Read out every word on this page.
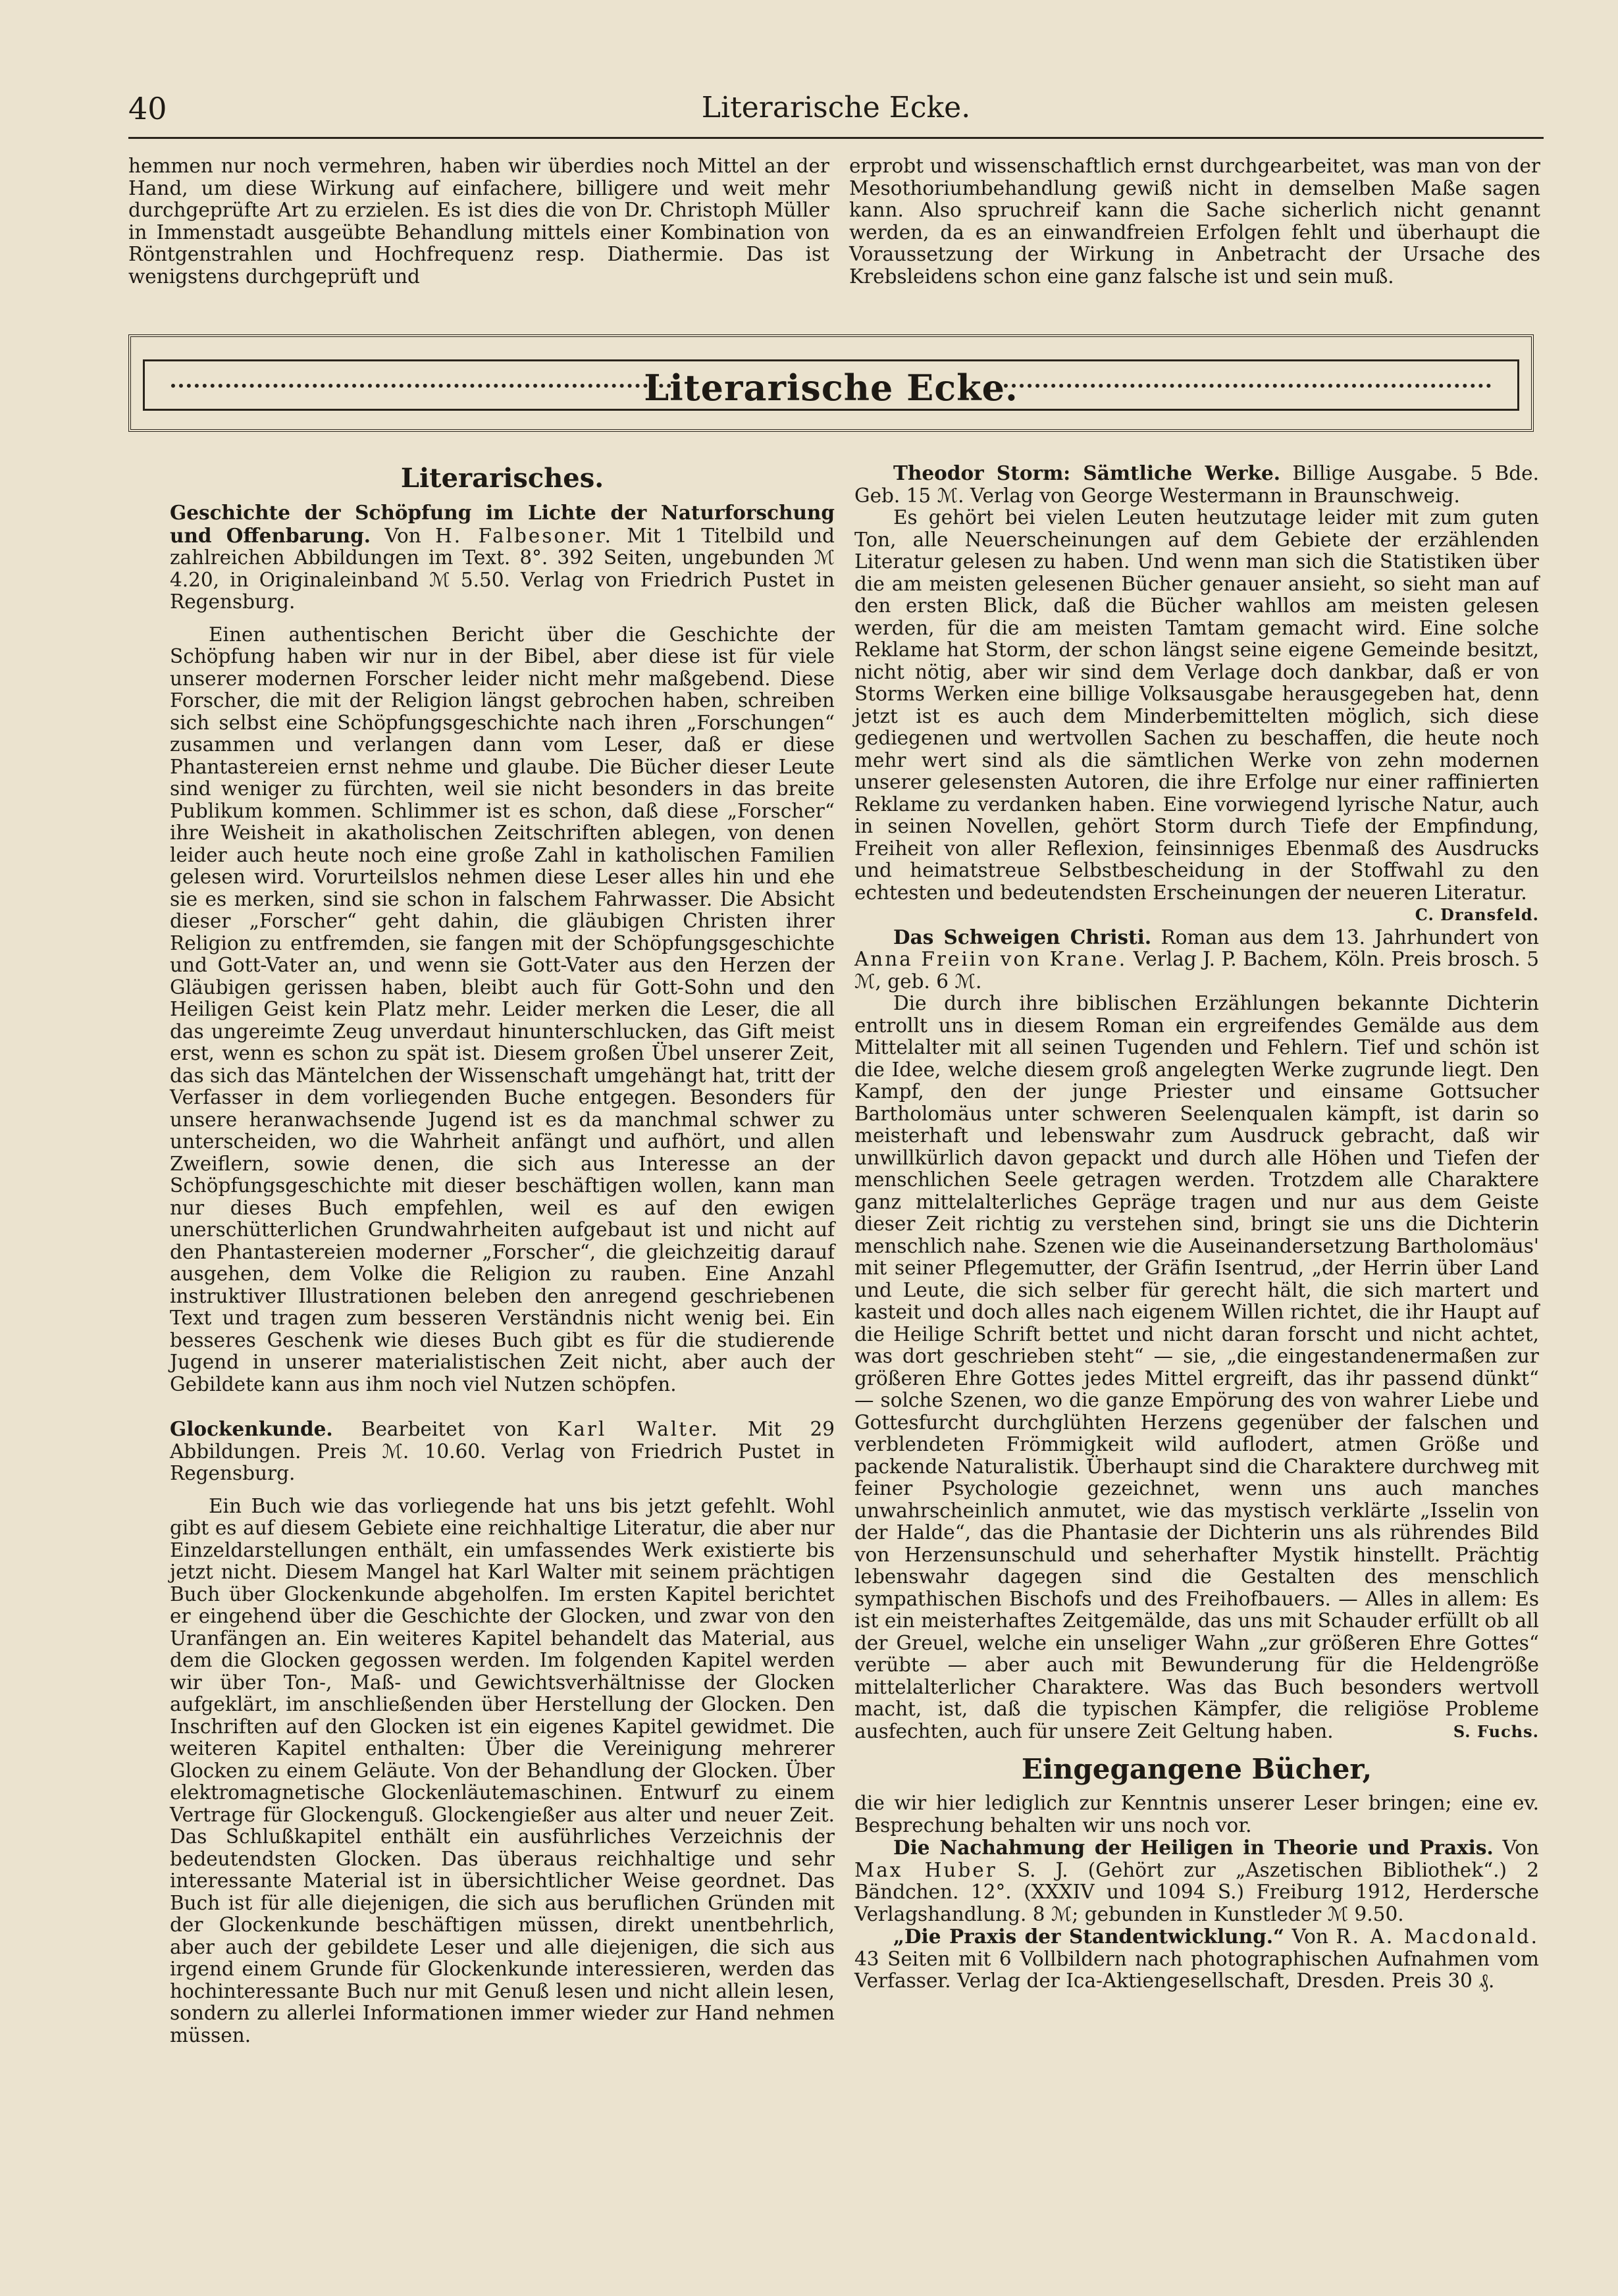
40	Literarische Ecke.

hemmen nur noch vermehren, haben wir überdies noch Mittel an der Hand, um diese Wirkung auf einfachere, billigere und weit mehr durchgeprüfte Art zu erzielen. Es ist dies die von Dr. Christoph Müller in Immenstadt ausgeübte Behandlung mittels einer Kombination von Röntgenstrahlen und Hochfrequenz resp. Diathermie. Das ist wenigstens durchgeprüft und

erprobt und wissenschaftlich ernst durchgearbeitet, was man von der Mesothoriumbehandlung gewiß nicht in demselben Maße sagen kann. Also spruchreif kann die Sache sicherlich nicht genannt werden, da es an einwandfreien Erfolgen fehlt und überhaupt die Voraussetzung der Wirkung in Anbetracht der Ursache des Krebsleidens schon eine ganz falsche ist und sein muß.

Literarische Ecke.
Literarisches.

Geschichte der Schöpfung im Lichte der Naturforschung und Offenbarung. Von H. Falbesoner. Mit 1 Titelbild und zahlreichen Abbildungen im Text. 8°. 392 Seiten, ungebunden ℳ 4.20, in Originaleinband ℳ 5.50. Verlag von Friedrich Pustet in Regensburg.

Einen authentischen Bericht über die Geschichte der Schöpfung haben wir nur in der Bibel, aber diese ist für viele unserer modernen Forscher leider nicht mehr maßgebend. Diese Forscher, die mit der Religion längst gebrochen haben, schreiben sich selbst eine Schöpfungsgeschichte nach ihren „Forschungen“ zusammen und verlangen dann vom Leser, daß er diese Phantastereien ernst nehme und glaube. Die Bücher dieser Leute sind weniger zu fürchten, weil sie nicht besonders in das breite Publikum kommen. Schlimmer ist es schon, daß diese „Forscher“ ihre Weisheit in akatholischen Zeitschriften ablegen, von denen leider auch heute noch eine große Zahl in katholischen Familien gelesen wird. Vorurteilslos nehmen diese Leser alles hin und ehe sie es merken, sind sie schon in falschem Fahrwasser. Die Absicht dieser „Forscher“ geht dahin, die gläubigen Christen ihrer Religion zu entfremden, sie fangen mit der Schöpfungsgeschichte und Gott-Vater an, und wenn sie Gott-Vater aus den Herzen der Gläubigen gerissen haben, bleibt auch für Gott-Sohn und den Heiligen Geist kein Platz mehr. Leider merken die Leser, die all das ungereimte Zeug unverdaut hinunterschlucken, das Gift meist erst, wenn es schon zu spät ist. Diesem großen Übel unserer Zeit, das sich das Mäntelchen der Wissenschaft umgehängt hat, tritt der Verfasser in dem vorliegenden Buche entgegen. Besonders für unsere heranwachsende Jugend ist es da manchmal schwer zu unterscheiden, wo die Wahrheit anfängt und aufhört, und allen Zweiflern, sowie denen, die sich aus Interesse an der Schöpfungsgeschichte mit dieser beschäftigen wollen, kann man nur dieses Buch empfehlen, weil es auf den ewigen unerschütterlichen Grundwahrheiten aufgebaut ist und nicht auf den Phantastereien moderner „Forscher“, die gleichzeitig darauf ausgehen, dem Volke die Religion zu rauben. Eine Anzahl instruktiver Illustrationen beleben den anregend geschriebenen Text und tragen zum besseren Verständnis nicht wenig bei. Ein besseres Geschenk wie dieses Buch gibt es für die studierende Jugend in unserer materialistischen Zeit nicht, aber auch der Gebildete kann aus ihm noch viel Nutzen schöpfen.

Glockenkunde. Bearbeitet von Karl Walter. Mit 29 Abbildungen. Preis ℳ. 10.60. Verlag von Friedrich Pustet in Regensburg.

Ein Buch wie das vorliegende hat uns bis jetzt gefehlt. Wohl gibt es auf diesem Gebiete eine reichhaltige Literatur, die aber nur Einzeldarstellungen enthält, ein umfassendes Werk existierte bis jetzt nicht. Diesem Mangel hat Karl Walter mit seinem prächtigen Buch über Glockenkunde abgeholfen. Im ersten Kapitel berichtet er eingehend über die Geschichte der Glocken, und zwar von den Uranfängen an. Ein weiteres Kapitel behandelt das Material, aus dem die Glocken gegossen werden. Im folgenden Kapitel werden wir über Ton-, Maß- und Gewichtsverhältnisse der Glocken aufgeklärt, im anschließenden über Herstellung der Glocken. Den Inschriften auf den Glocken ist ein eigenes Kapitel gewidmet. Die weiteren Kapitel enthalten: Über die Vereinigung mehrerer Glocken zu einem Geläute. Von der Behandlung der Glocken. Über elektromagnetische Glockenläutemaschinen. Entwurf zu einem Vertrage für Glockenguß. Glockengießer aus alter und neuer Zeit. Das Schlußkapitel enthält ein ausführliches Verzeichnis der bedeutendsten Glocken. Das überaus reichhaltige und sehr interessante Material ist in übersichtlicher Weise geordnet. Das Buch ist für alle diejenigen, die sich aus beruflichen Gründen mit der Glockenkunde beschäftigen müssen, direkt unentbehrlich, aber auch der gebildete Leser und alle diejenigen, die sich aus irgend einem Grunde für Glockenkunde interessieren, werden das hochinteressante Buch nur mit Genuß lesen und nicht allein lesen, sondern zu allerlei Informationen immer wieder zur Hand nehmen müssen.

Theodor Storm: Sämtliche Werke. Billige Ausgabe. 5 Bde. Geb. 15 ℳ. Verlag von George Westermann in Braunschweig.

Es gehört bei vielen Leuten heutzutage leider mit zum guten Ton, alle Neuerscheinungen auf dem Gebiete der erzählenden Literatur gelesen zu haben. Und wenn man sich die Statistiken über die am meisten gelesenen Bücher genauer ansieht, so sieht man auf den ersten Blick, daß die Bücher wahllos am meisten gelesen werden, für die am meisten Tamtam gemacht wird. Eine solche Reklame hat Storm, der schon längst seine eigene Gemeinde besitzt, nicht nötig, aber wir sind dem Verlage doch dankbar, daß er von Storms Werken eine billige Volksausgabe herausgegeben hat, denn jetzt ist es auch dem Minderbemittelten möglich, sich diese gediegenen und wertvollen Sachen zu beschaffen, die heute noch mehr wert sind als die sämtlichen Werke von zehn modernen unserer gelesensten Autoren, die ihre Erfolge nur einer raffinierten Reklame zu verdanken haben. Eine vorwiegend lyrische Natur, auch in seinen Novellen, gehört Storm durch Tiefe der Empfindung, Freiheit von aller Reflexion, feinsinniges Ebenmaß des Ausdrucks und heimatstreue Selbstbescheidung in der Stoffwahl zu den echtesten und bedeutendsten Erscheinungen der neueren Literatur.
C. Dransfeld.

Das Schweigen Christi. Roman aus dem 13. Jahrhundert von Anna Freiin von Krane. Verlag J. P. Bachem, Köln. Preis brosch. 5 ℳ, geb. 6 ℳ.

Die durch ihre biblischen Erzählungen bekannte Dichterin entrollt uns in diesem Roman ein ergreifendes Gemälde aus dem Mittelalter mit all seinen Tugenden und Fehlern. Tief und schön ist die Idee, welche diesem groß angelegten Werke zugrunde liegt. Den Kampf, den der junge Priester und einsame Gottsucher Bartholomäus unter schweren Seelenqualen kämpft, ist darin so meisterhaft und lebenswahr zum Ausdruck gebracht, daß wir unwillkürlich davon gepackt und durch alle Höhen und Tiefen der menschlichen Seele getragen werden. Trotzdem alle Charaktere ganz mittelalterliches Gepräge tragen und nur aus dem Geiste dieser Zeit richtig zu verstehen sind, bringt sie uns die Dichterin menschlich nahe. Szenen wie die Auseinandersetzung Bartholomäus' mit seiner Pflegemutter, der Gräfin Isentrud, „der Herrin über Land und Leute, die sich selber für gerecht hält, die sich martert und kasteit und doch alles nach eigenem Willen richtet, die ihr Haupt auf die Heilige Schrift bettet und nicht daran forscht und nicht achtet, was dort geschrieben steht“ — sie, „die eingestandenermaßen zur größeren Ehre Gottes jedes Mittel ergreift, das ihr passend dünkt“ — solche Szenen, wo die ganze Empörung des von wahrer Liebe und Gottesfurcht durchglühten Herzens gegenüber der falschen und verblendeten Frömmigkeit wild auflodert, atmen Größe und packende Naturalistik. Überhaupt sind die Charaktere durchweg mit feiner Psychologie gezeichnet, wenn uns auch manches unwahrscheinlich anmutet, wie das mystisch verklärte „Isselin von der Halde“, das die Phantasie der Dichterin uns als rührendes Bild von Herzensunschuld und seherhafter Mystik hinstellt. Prächtig lebenswahr dagegen sind die Gestalten des menschlich sympathischen Bischofs und des Freihofbauers. — Alles in allem: Es ist ein meisterhaftes Zeitgemälde, das uns mit Schauder erfüllt ob all der Greuel, welche ein unseliger Wahn „zur größeren Ehre Gottes“ verübte — aber auch mit Bewunderung für die Heldengröße mittelalterlicher Charaktere. Was das Buch besonders wertvoll macht, ist, daß die typischen Kämpfer, die religiöse Probleme ausfechten, auch für unsere Zeit Geltung haben.	S. Fuchs.

Eingegangene Bücher,

die wir hier lediglich zur Kenntnis unserer Leser bringen; eine ev. Besprechung behalten wir uns noch vor.

Die Nachahmung der Heiligen in Theorie und Praxis. Von Max Huber S. J. (Gehört zur „Aszetischen Bibliothek“.) 2 Bändchen. 12°. (XXXIV und 1094 S.) Freiburg 1912, Herdersche Verlagshandlung. 8 ℳ; gebunden in Kunstleder ℳ 9.50.

„Die Praxis der Standentwicklung.“ Von R. A. Macdonald. 43 Seiten mit 6 Vollbildern nach photographischen Aufnahmen vom Verfasser. Verlag der Ica-Aktiengesellschaft, Dresden. Preis 30 ₰.
